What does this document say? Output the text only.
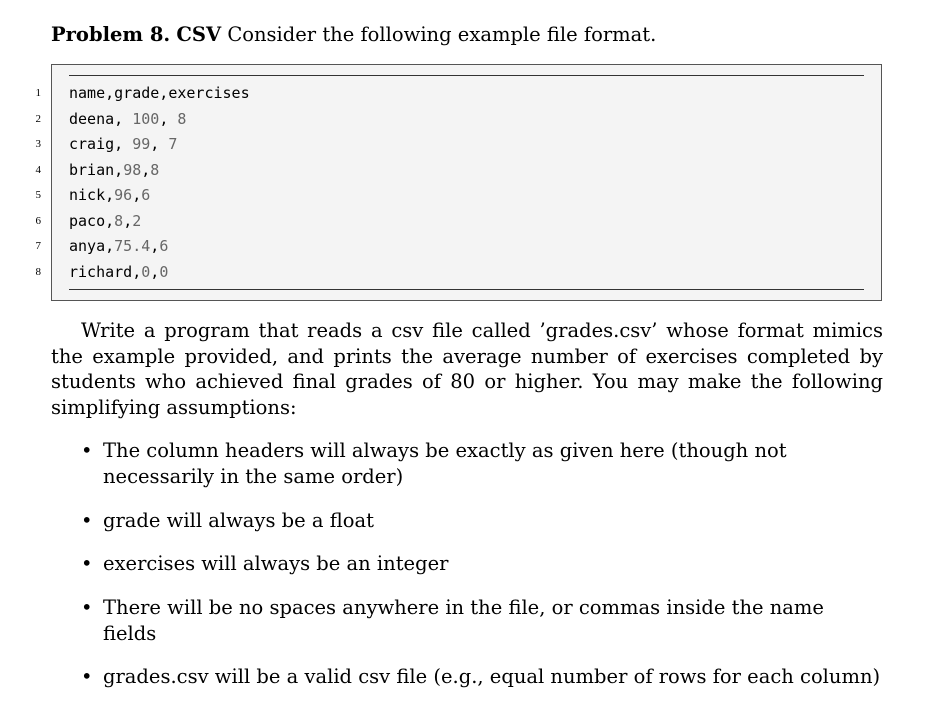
Problem 8. CSV Consider the following example file format.
1 name,grade,exercises
2 deena, 100, 8
3 craig, 99, 7
4 brian,98,8
5 nick,96,6
6 paco,8,2
7 anya,75.4,6
8 richard,0,0
Write a program that reads a csv file called ’grades.csv’ whose format mimics the example provided, and prints the average number of exercises completed by students who achieved final grades of 80 or higher. You may make the following simplifying assumptions:
• The column headers will always be exactly as given here (though not necessarily in the same order)
• grade will always be a float
• exercises will always be an integer
• There will be no spaces anywhere in the file, or commas inside the name fields
• grades.csv will be a valid csv file (e.g., equal number of rows for each column)
